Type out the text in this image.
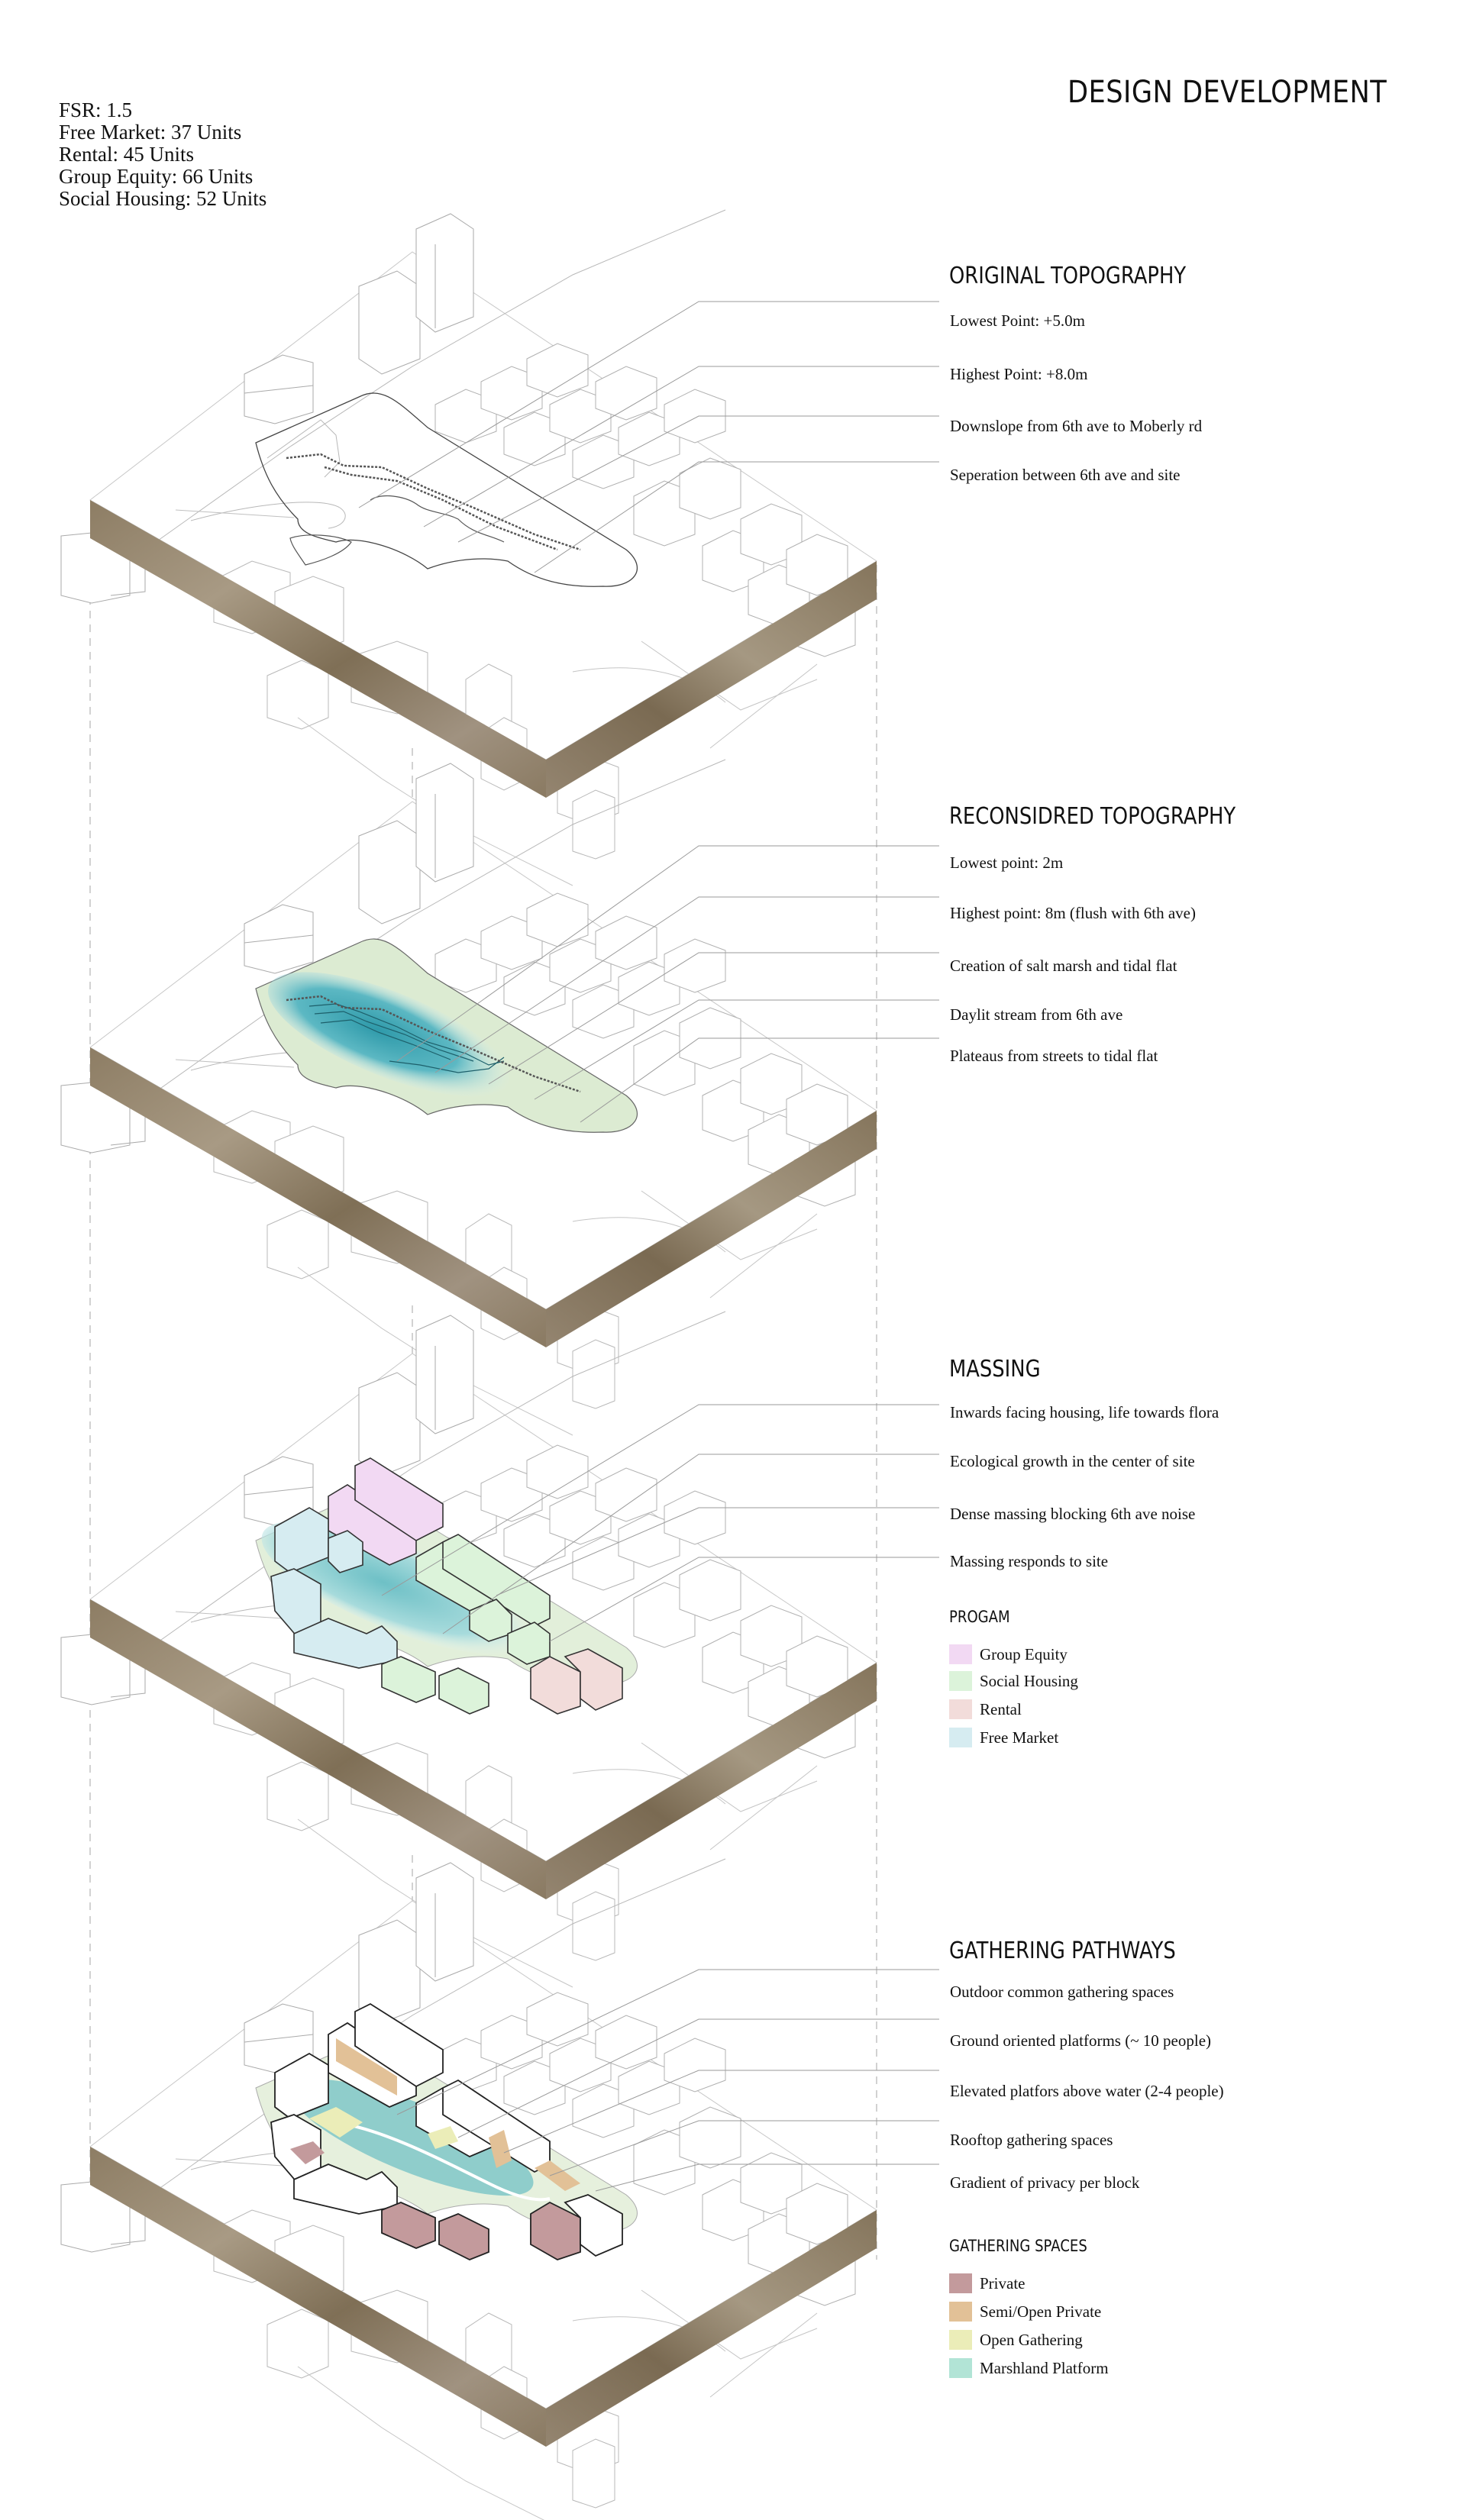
FSR: 1.5
Free Market: 37 Units
Rental: 45 Units
Group Equity: 66 Units
Social Housing: 52 Units
DESIGN DEVELOPMENT
ORIGINAL TOPOGRAPHY
Lowest Point: +5.0m
Highest Point: +8.0m
Downslope from 6th ave to Moberly rd
Seperation between 6th ave and site
RECONSIDRED TOPOGRAPHY
Lowest point: 2m
Highest point: 8m (flush with 6th ave)
Creation of salt marsh and tidal flat
Daylit stream from 6th ave
Plateaus from streets to tidal flat
MASSING
Inwards facing housing, life towards flora
Ecological growth in the center of site
Dense massing blocking 6th ave noise
Massing responds to site
PROGAM
Group Equity
Social Housing
Rental
Free Market
GATHERING PATHWAYS
Outdoor common gathering spaces
Ground oriented platforms (~ 10 people)
Elevated platfors above water (2-4 people)
Rooftop gathering spaces
Gradient of privacy per block
GATHERING SPACES
Private
Semi/Open Private
Open Gathering
Marshland Platform
